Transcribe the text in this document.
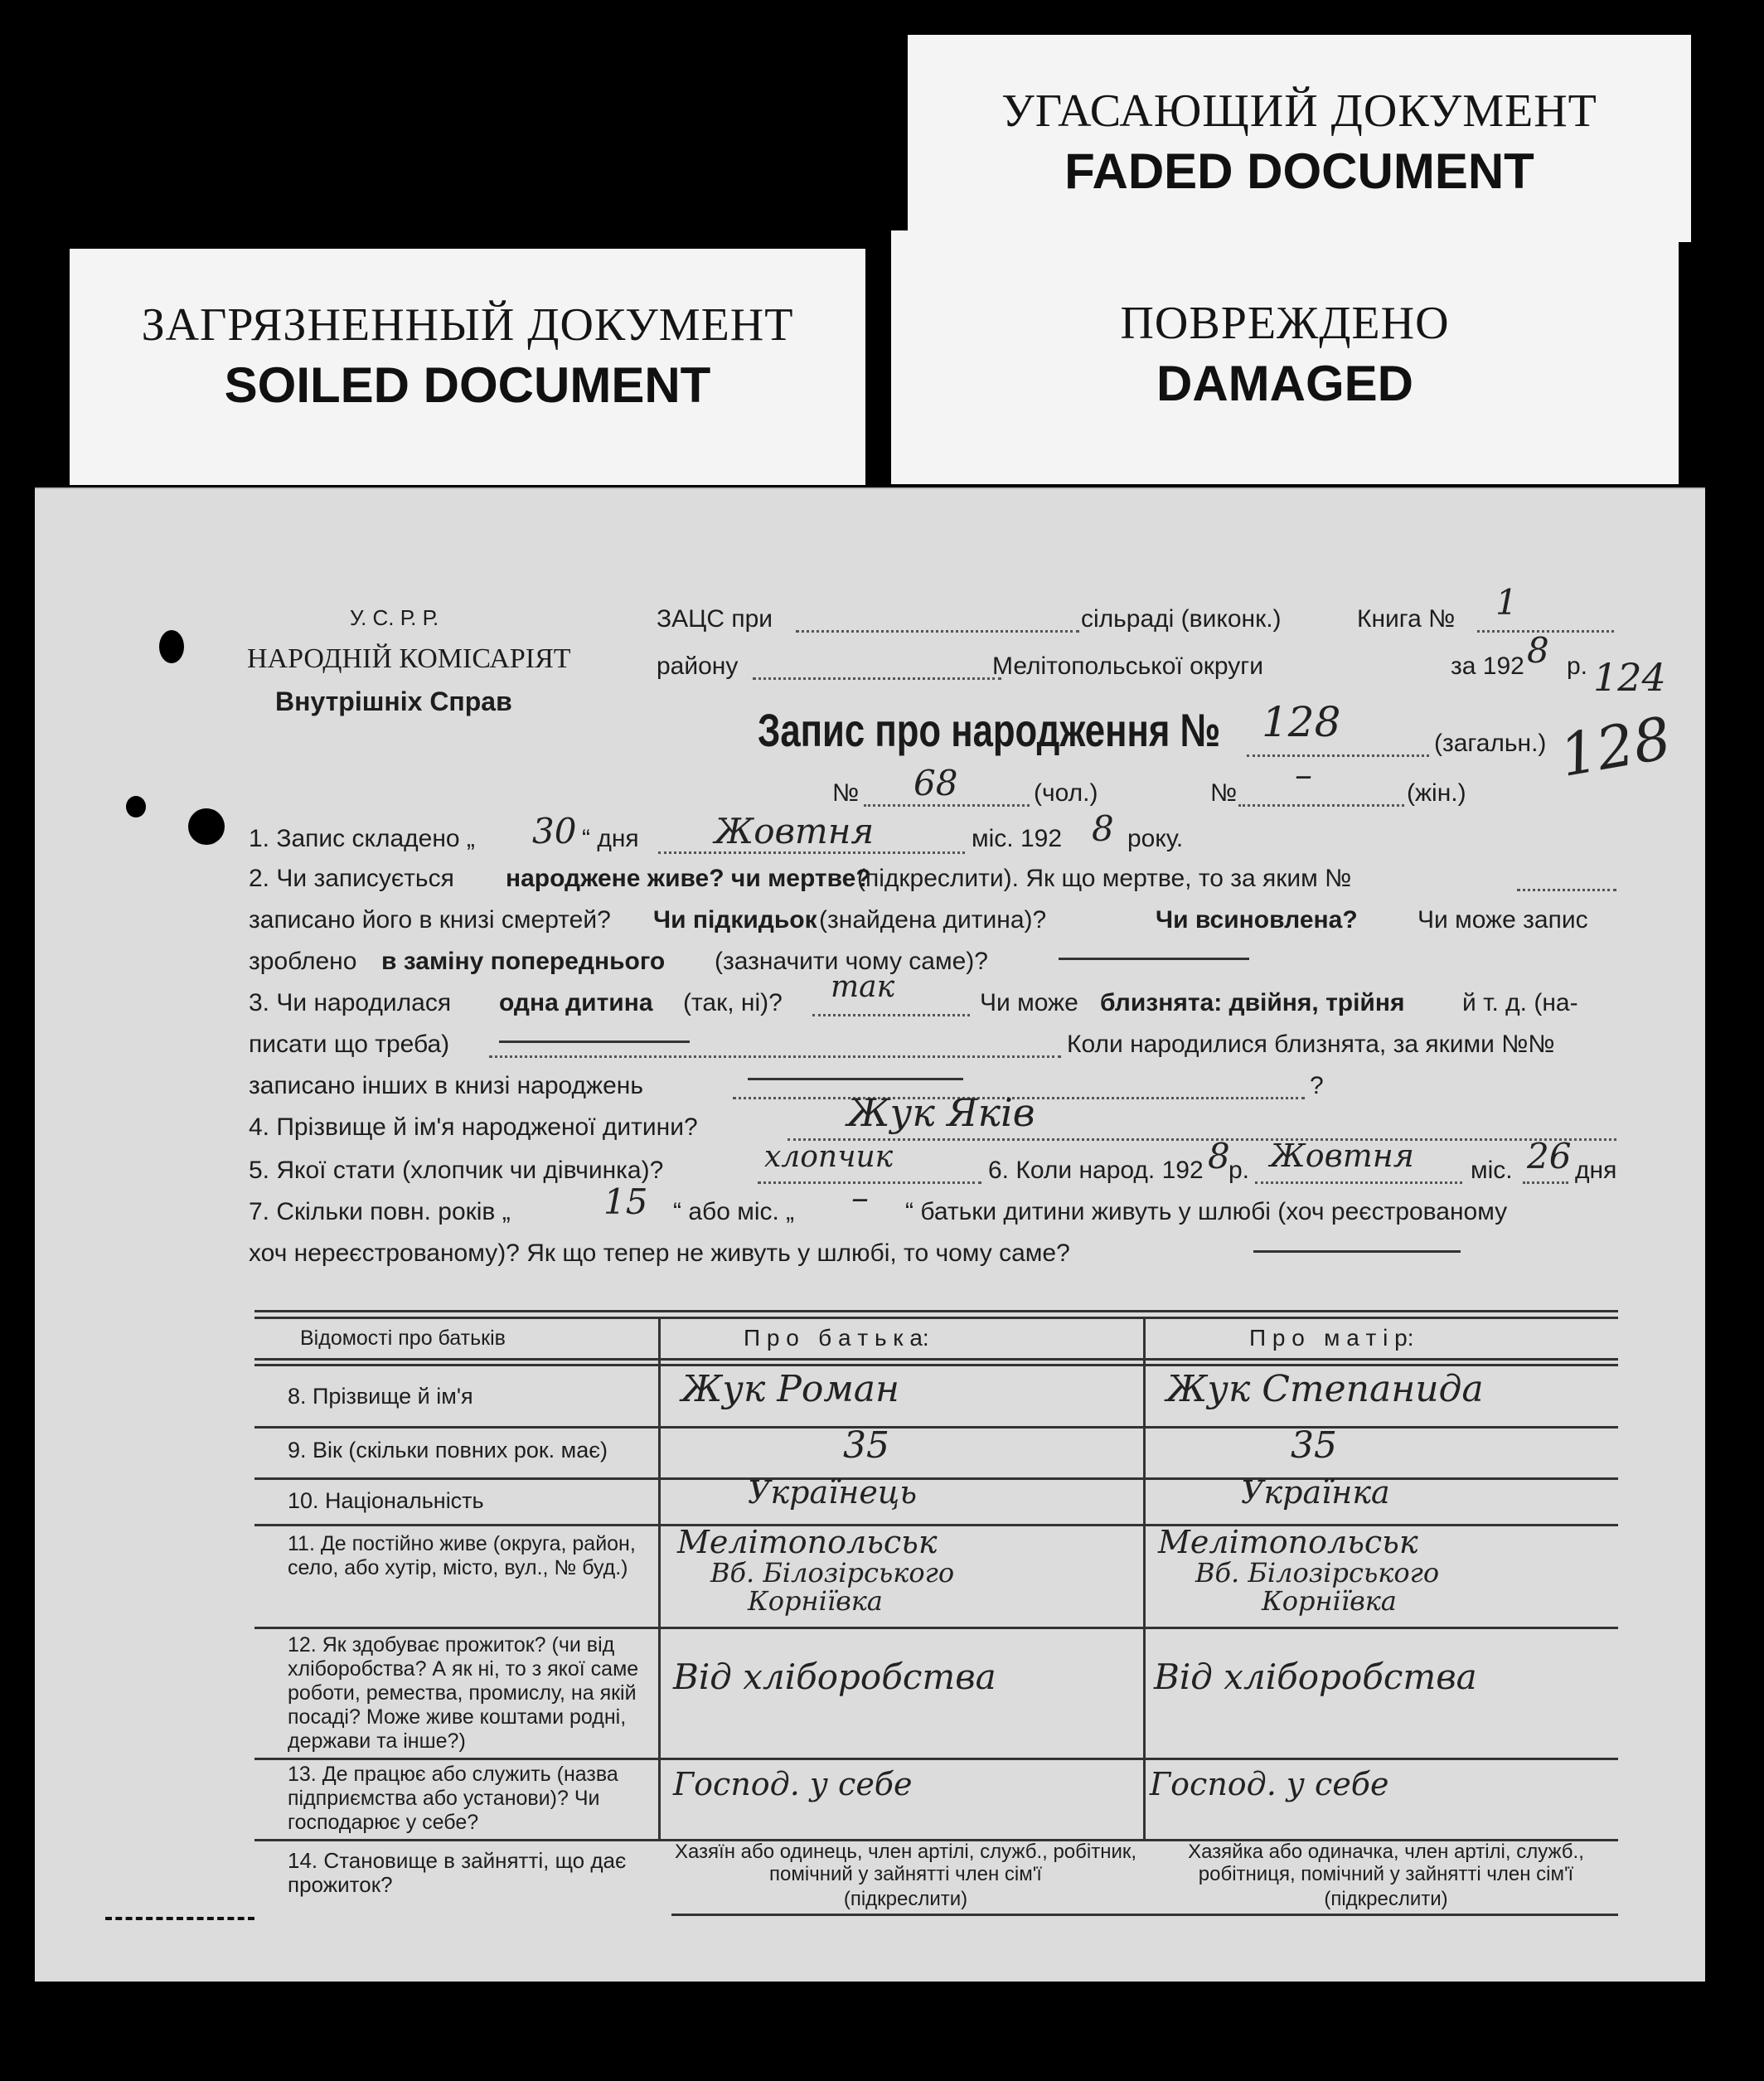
УГАСАЮЩИЙ ДОКУМЕНТ
FADED DOCUMENT
ПОВРЕЖДЕНО
DAMAGED
ЗАГРЯЗНЕННЫЙ ДОКУМЕНТ
SOILED DOCUMENT
У. С. Р. Р.
НАРОДНІЙ КОМІСАРІЯТ
Внутрішніх Справ
ЗАЦС при	сільраді (виконк.)	Книга № 1
району	Мелітопольської округи	за 192 8 р. 124
128
Запис про народження № 128	(загальн.)
№ 68	(чол.)	№ –	(жін.)
1. Запис складено „ 30 “ дня Жовтня	міс. 192 8 року.
2. Чи записується народжене живе? чи мертве?
(підкреслити). Як що мертве, то за яким №
записано його в книзі смертей? Чи підкидьок (знайдена дитина)?	Чи всиновлена? Чи може запис
зроблено в заміну попереднього (зазначити чому саме)?
3. Чи народилася одна дитина (так, ні)? так	Чи може близнята: двійня, трійня й т. д. (на-
писати що треба)	Коли народилися близнята, за якими №№
записано інших в книзі народжень	?
4. Прізвище й ім'я народженої дитини?	Жук Яків
5. Якої стати (хлопчик чи дівчинка)?	хлопчик	6. Коли народ. 192 8
р. Жовтня міс. 26 дня
7. Скільки повн. років „	15 “ або міс. „ – “ батьки дитини живуть у шлюбі (хоч реєстрованому
хоч нереєстрованому)? Як що тепер не живуть у шлюбі, то чому саме?
Відомості про батьків	П р о   б а т ь к а:	П р о   м а т і р:
8. Прізвище й ім'я	Жук Роман	Жук Степанида
9. Вік (скільки повних рок. має)	35	35
10. Національність	Українець	Українка
11. Де постійно живе (округа, район, село, або хутір, місто, вул., № буд.)
Мелітопольськ
Вб. Білозірського
Корніївка
Мелітопольськ
Вб. Білозірського
Корніївка
12. Як здобуває прожиток? (чи від хліборобства? А як ні, то з якої саме роботи, ремества, промислу, на якій посаді? Може живе коштами родні, держави та інше?)
Від хліборобства	Від хліборобства
13. Де працює або служить (назва підприємства або установи)? Чи господарює у себе?
Господ. у себе	Господ. у себе
14. Становище в зайнятті, що дає прожиток?
Хазяїн або одинець, член артілі, служб., робітник, помічний у зайнятті член сім'ї
(підкреслити)
Хазяйка або одиначка, член артілі, служб., робітниця, помічний у зайнятті член сім'ї
(підкреслити)
